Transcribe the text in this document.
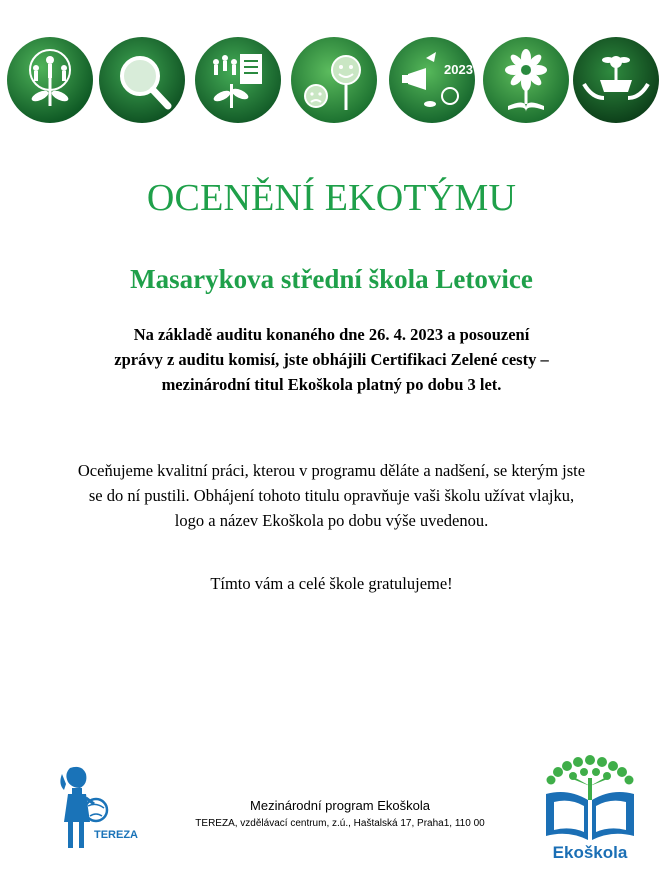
2023
OCENĚNÍ EKOTÝMU
Masarykova střední škola Letovice
Na základě auditu konaného dne 26. 4. 2023 a posouzení
zprávy z auditu komisí, jste obhájili Certifikaci Zelené cesty –
mezinárodní titul Ekoškola platný po dobu 3 let.
Oceňujeme kvalitní práci, kterou v programu děláte a nadšení, se kterým jste
se do ní pustili. Obhájení tohoto titulu opravňuje vaši školu užívat vlajku,
logo a název Ekoškola po dobu výše uvedenou.
Tímto vám a celé škole gratulujeme!
TEREZA
Mezinárodní program Ekoškola
TEREZA, vzdělávací centrum, z.ú., Haštalská 17, Praha1, 110 00
Ekoškola
